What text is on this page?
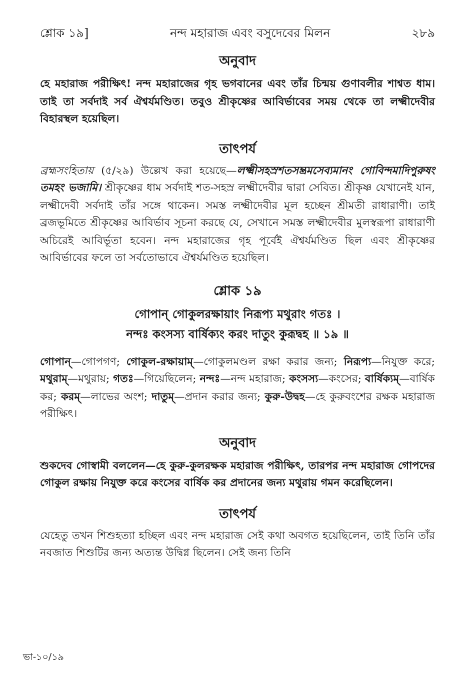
শ্লোক ১৯]	নন্দ মহারাজ এবং বসুদেবের মিলন	২৮৯

অনুবাদ

হে মহারাজ পরীক্ষিৎ! নন্দ মহারাজের গৃহ ভগবানের এবং তাঁর চিন্ময় গুণাবলীর শাশ্বত ধাম। তাই তা সর্বদাই সর্ব ঐশ্বর্যমণ্ডিত। তবুও শ্রীকৃষ্ণের আবির্ভাবের সময় থেকে তা লক্ষ্মীদেবীর বিহারস্থল হয়েছিল।

তাৎপর্য

ব্রহ্মসংহিতায় (৫/২৯) উল্লেখ করা হয়েছে—লক্ষ্মীসহস্রশতসম্ভ্রমসেব্যমানং গোবিন্দমাদিপুরুষং তমহং ভজামি। শ্রীকৃষ্ণের ধাম সর্বদাই শত-সহস্র লক্ষ্মীদেবীর দ্বারা সেবিত। শ্রীকৃষ্ণ যেখানেই যান, লক্ষ্মীদেবী সর্বদাই তাঁর সঙ্গে থাকেন। সমস্ত লক্ষ্মীদেবীর মূল হচ্ছেন শ্রীমতী রাধারাণী। তাই ব্রজভূমিতে শ্রীকৃষ্ণের আবির্ভাব সূচনা করছে যে, সেখানে সমস্ত লক্ষ্মীদেবীর মুলস্বরূপা রাধারাণী অচিরেই আবির্ভূতা হবেন। নন্দ মহারাজের গৃহ পূর্বেই ঐশ্বর্যমণ্ডিত ছিল এবং শ্রীকৃষ্ণের আবির্ভাবের ফলে তা সর্বতোভাবে ঐশ্বর্যমণ্ডিত হয়েছিল।

শ্লোক ১৯

গোপান্ গোকুলরক্ষায়াং নিরূপ্য মথুরাং গতঃ ।

নন্দঃ কংসস্য বার্ষিক্যং করং দাতুং কুরূদ্বহ ॥ ১৯ ॥

গোপান্—গোপগণ; গোকুল-রক্ষায়াম্—গোকুলমণ্ডল রক্ষা করার জন্য; নিরূপ্য—নিযুক্ত করে; মথুরাম্—মথুরায়; গতঃ—গিয়েছিলেন; নন্দঃ—নন্দ মহারাজ; কংসস্য—কংসের; বার্ষিক্যম্—বার্ষিক কর; করম্—লাভের অংশ; দাতুম্—প্রদান করার জন্য; কুরু-উদ্বহ—হে কুরুবংশের রক্ষক মহারাজ পরীক্ষিৎ।

অনুবাদ

শুকদেব গোস্বামী বললেন—হে কুরু-কুলরক্ষক মহারাজ পরীক্ষিৎ, তারপর নন্দ মহারাজ গোপদের গোকুল রক্ষায় নিযুক্ত করে কংসের বার্ষিক কর প্রদানের জন্য মথুরায় গমন করেছিলেন।

তাৎপর্য

যেহেতু তখন শিশুহত্যা হচ্ছিল এবং নন্দ মহারাজ সেই কথা অবগত হয়েছিলেন, তাই তিনি তাঁর নবজাত শিশুটির জন্য অত্যন্ত উদ্বিগ্ন ছিলেন। সেই জন্য তিনি

ভা-১০/১৯
